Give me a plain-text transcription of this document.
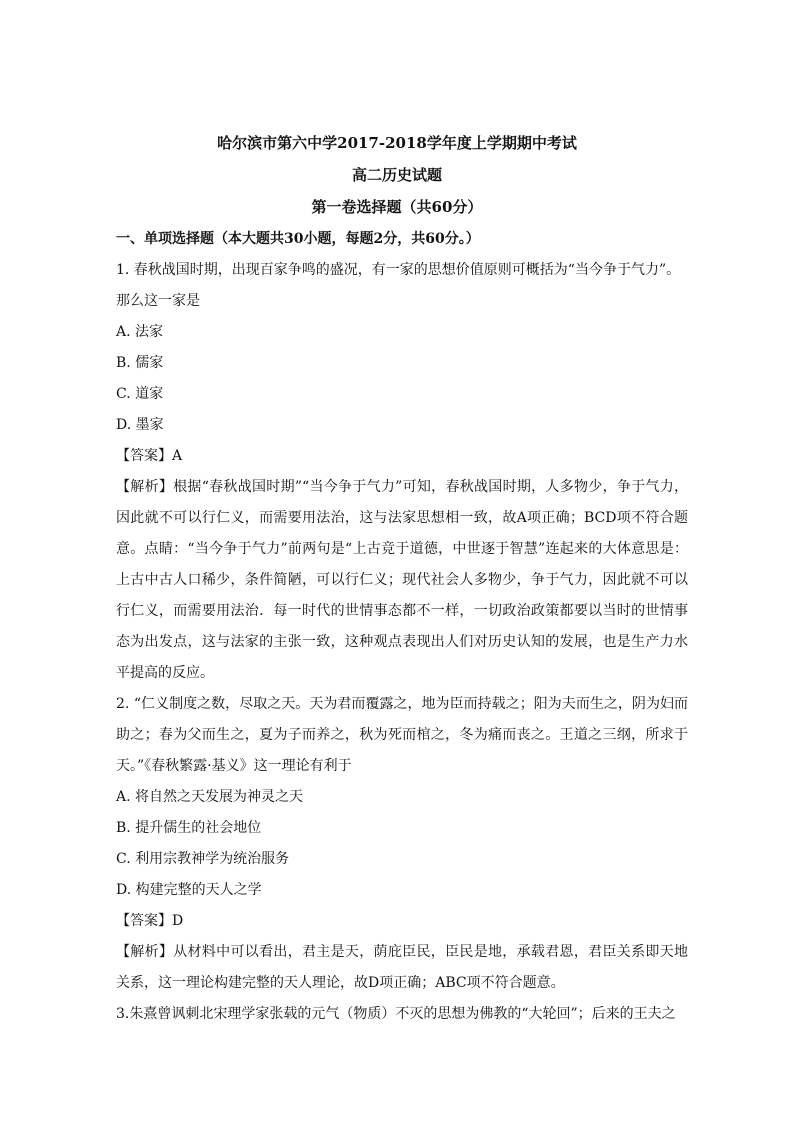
哈尔滨市第六中学2017-2018学年度上学期期中考试
高二历史试题
第一卷选择题（共60分）
一、单项选择题（本大题共30小题，每题2分，共60分。）
1. 春秋战国时期，出现百家争鸣的盛况，有一家的思想价值原则可概括为“当今争于气力”。
那么这一家是
A. 法家
B. 儒家
C. 道家
D. 墨家
【答案】A
【解析】根据“春秋战国时期”“当今争于气力”可知，春秋战国时期，人多物少，争于气力，因此就不可以行仁义，而需要用法治，这与法家思想相一致，故A项正确；BCD项不符合题意。点睛：“当今争于气力”前两句是“上古竞于道德，中世逐于智慧”连起来的大体意思是：上古中古人口稀少，条件简陋，可以行仁义；现代社会人多物少，争于气力，因此就不可以行仁义，而需要用法治．每一时代的世情事态都不一样，一切政治政策都要以当时的世情事态为出发点，这与法家的主张一致，这种观点表现出人们对历史认知的发展，也是生产力水平提高的反应。
2. “仁义制度之数，尽取之天。天为君而覆露之，地为臣而持载之；阳为夫而生之，阴为妇而助之；春为父而生之，夏为子而养之，秋为死而棺之，冬为痛而丧之。王道之三纲，所求于天。”《春秋繁露·基义》这一理论有利于
A. 将自然之天发展为神灵之天
B. 提升儒生的社会地位
C. 利用宗教神学为统治服务
D. 构建完整的天人之学
【答案】D
【解析】从材料中可以看出，君主是天，荫庇臣民，臣民是地，承载君恩，君臣关系即天地关系，这一理论构建完整的天人理论，故D项正确；ABC项不符合题意。
3.朱熹曾讽刺北宋理学家张载的元气（物质）不灭的思想为佛教的“大轮回”；后来的王夫之
